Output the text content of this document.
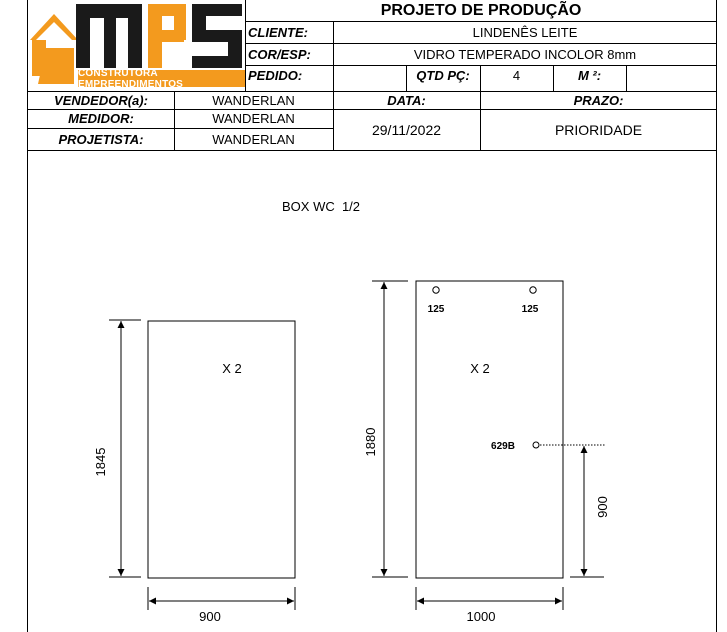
CONSTRUTORA EMPREENDIMENTOS
PROJETO DE PRODUÇÃO
CLIENTE:	LINDENÊS LEITE
COR/ESP:	VIDRO TEMPERADO INCOLOR 8mm
PEDIDO:	QTD PÇ:	4	M ²:
VENDEDOR(a):	WANDERLAN	DATA:	PRAZO:
MEDIDOR:	WANDERLAN
PROJETISTA:	WANDERLAN
29/11/2022	PRIORIDADE
BOX WC  1/2
X 2
1845
900
X 2
1880
1000
125	125
629B
900
